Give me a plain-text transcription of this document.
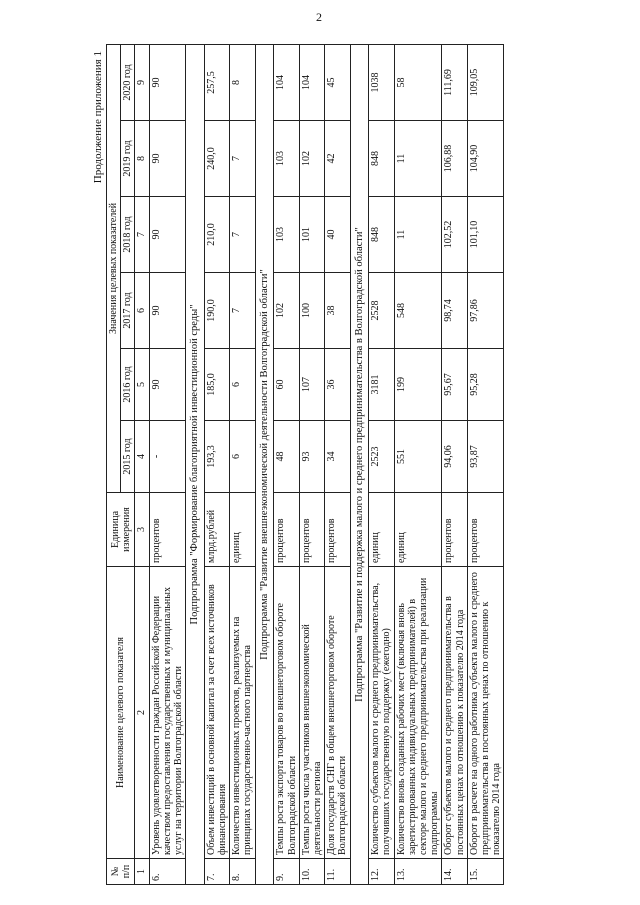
2
Продолжение приложения 1
№ п/п	Наименование целевого показателя	Единица измерения	Значения целевых показателей					
			2015 год	2016 год	2017 год	2018 год	2019 год	2020 год
1	2	3	4	5	6	7	8	9
6.	Уровень удовлетворенности граждан Российской Федерации качеством предоставления государственных и муниципальных услуг на территории Волгоградской области	процентов	-	90	90	90	90	90
Подпрограмма "Формирование благоприятной инвестиционной среды"								
7.	Объем инвестиций в основной капитал за счет всех источников финансирования	млрд.рублей	193,3	185,0	190,0	210,0	240,0	257,5
8.	Количество инвестиционных проектов, реализуемых на принципах государственно-частного партнерства	единиц	6	6	7	7	7	8
Подпрограмма "Развитие внешнеэкономической деятельности Волгоградской области"								
9.	Темпы роста экспорта товаров во внешнеторговом обороте Волгоградской области	процентов	48	60	102	103	103	104
10.	Темпы роста числа участников внешнеэкономической деятельности региона	процентов	93	107	100	101	102	104
11.	Доля государств СНГ в общем внешнеторговом обороте Волгоградской области	процентов	34	36	38	40	42	45
Подпрограмма "Развитие и поддержка малого и среднего предпринимательства в Волгоградской области"								
12.	Количество субъектов малого и среднего предпринимательства, получивших государственную поддержку (ежегодно)	единиц	2523	3181	2528	848	848	1038
13.	Количество вновь созданных рабочих мест (включая вновь зарегистрированных индивидуальных предпринимателей) в секторе малого и среднего предпринимательства при реализации подпрограммы	единиц	551	199	548	11	11	58
14.	Оборот субъектов малого и среднего предпринимательства в постоянных ценах по отношению к показателю 2014 года	процентов	94,06	95,67	98,74	102,52	106,88	111,69
15.	Оборот в расчете на одного работника субъекта малого и среднего предпринимательства в постоянных ценах по отношению к показателю 2014 года	процентов	93,87	95,28	97,86	101,10	104,90	109,05
